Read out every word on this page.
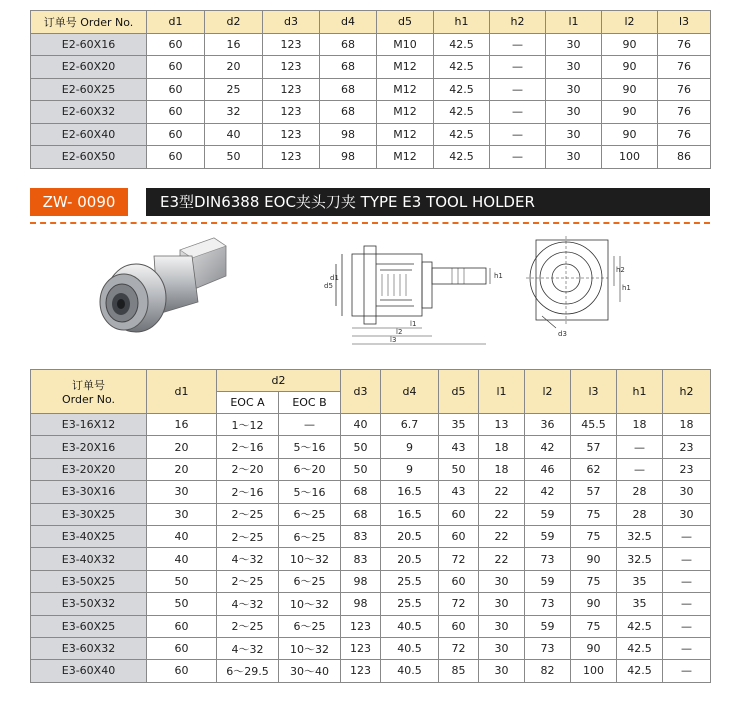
订单号 Order No.	d1	d2	d3	d4	d5	h1	h2	l1	l2	l3
E2-60X16	60	16	123	68	M10	42.5	—	30	90	76
E2-60X20	60	20	123	68	M12	42.5	—	30	90	76
E2-60X25	60	25	123	68	M12	42.5	—	30	90	76
E2-60X32	60	32	123	68	M12	42.5	—	30	90	76
E2-60X40	60	40	123	98	M12	42.5	—	30	90	76
E2-60X50	60	50	123	98	M12	42.5	—	30	100	86
ZW- 0090	E3型DIN6388 EOC夹头刀夹 TYPE E3 TOOL HOLDER
d5
d1
l1
l2
l3
h1
h2
h1
d3
订单号
Order No.	d1	d2		d3	d4	d5	l1	l2	l3	h1	h2
		EOC A	EOC B								
E3-16X12	16	1～12	—	40	6.7	35	13	36	45.5	18	18
E3-20X16	20	2～16	5～16	50	9	43	18	42	57	—	23
E3-20X20	20	2～20	6～20	50	9	50	18	46	62	—	23
E3-30X16	30	2～16	5～16	68	16.5	43	22	42	57	28	30
E3-30X25	30	2～25	6～25	68	16.5	60	22	59	75	28	30
E3-40X25	40	2～25	6～25	83	20.5	60	22	59	75	32.5	—
E3-40X32	40	4～32	10～32	83	20.5	72	22	73	90	32.5	—
E3-50X25	50	2～25	6～25	98	25.5	60	30	59	75	35	—
E3-50X32	50	4～32	10～32	98	25.5	72	30	73	90	35	—
E3-60X25	60	2～25	6～25	123	40.5	60	30	59	75	42.5	—
E3-60X32	60	4～32	10～32	123	40.5	72	30	73	90	42.5	—
E3-60X40	60	6～29.5	30～40	123	40.5	85	30	82	100	42.5	—
